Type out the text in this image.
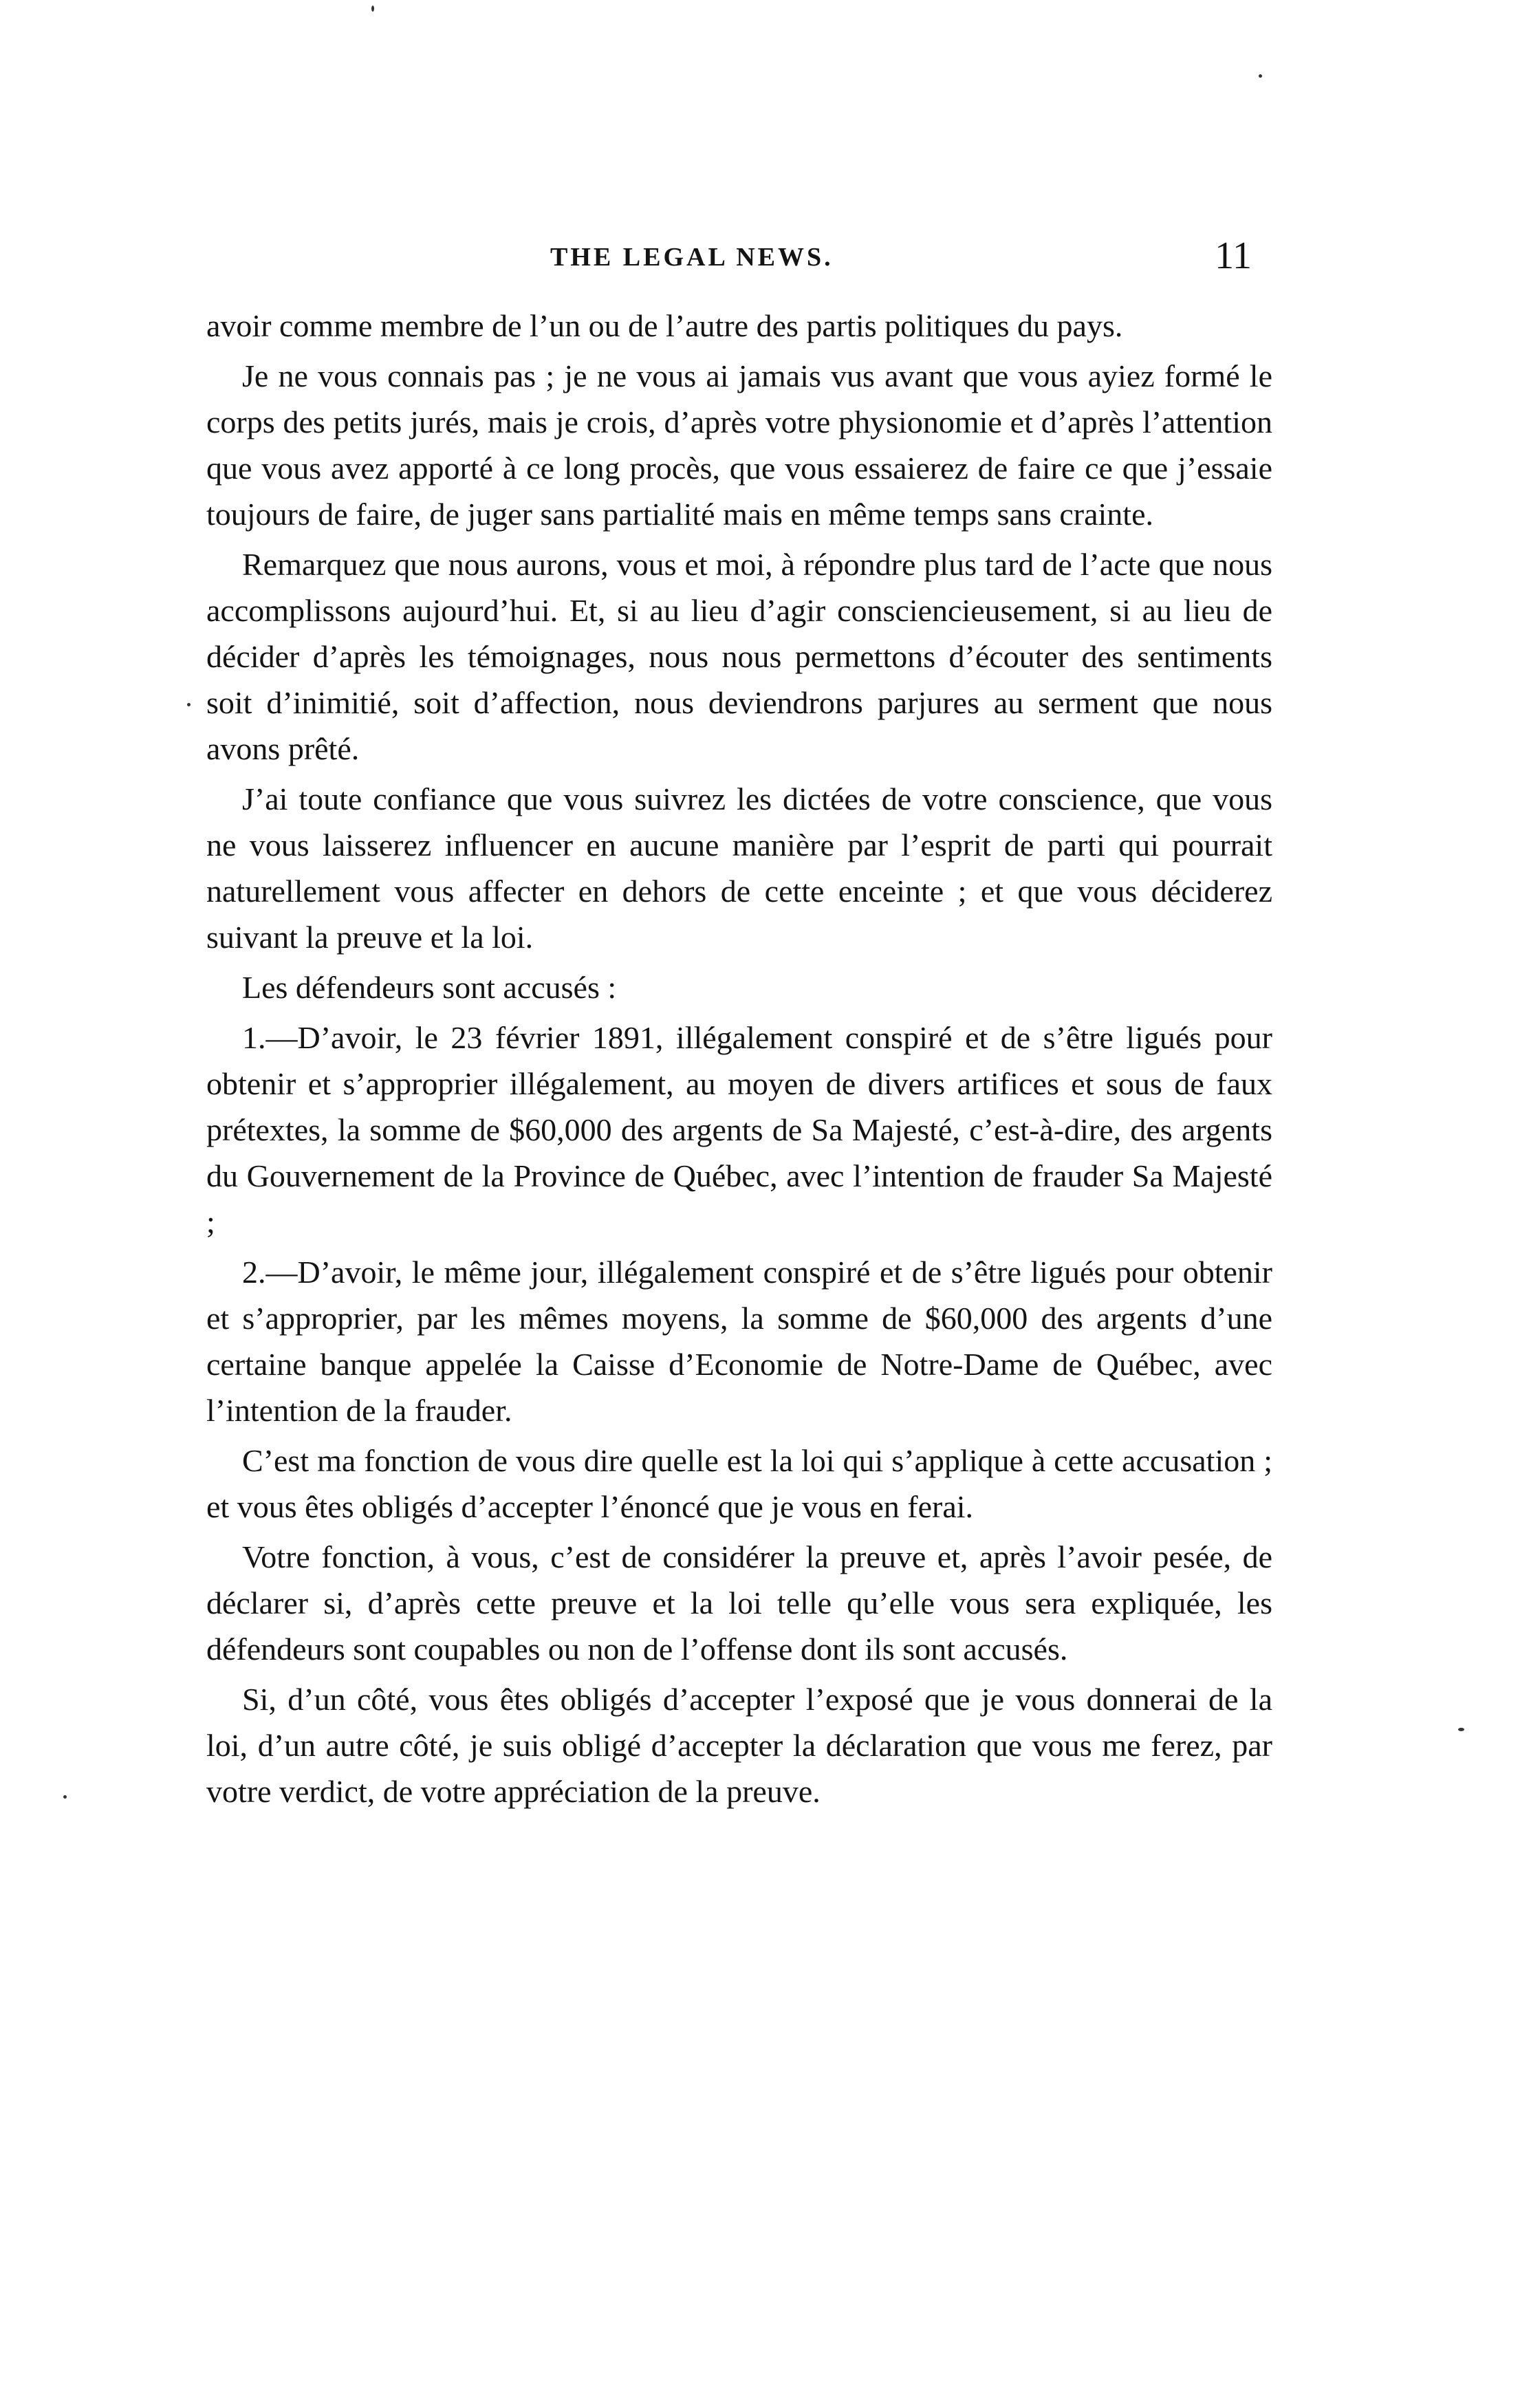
THE LEGAL NEWS.	11

avoir comme membre de l’un ou de l’autre des partis politiques du pays.

Je ne vous connais pas ; je ne vous ai jamais vus avant que vous ayiez formé le corps des petits jurés, mais je crois, d’après votre physionomie et d’après l’attention que vous avez apporté à ce long procès, que vous essaierez de faire ce que j’essaie toujours de faire, de juger sans partialité mais en même temps sans crainte.

Remarquez que nous aurons, vous et moi, à répondre plus tard de l’acte que nous accomplissons aujourd’hui. Et, si au lieu d’agir consciencieusement, si au lieu de décider d’après les témoignages, nous nous permettons d’écouter des sentiments soit d’inimitié, soit d’affection, nous deviendrons parjures au serment que nous avons prêté.

J’ai toute confiance que vous suivrez les dictées de votre conscience, que vous ne vous laisserez influencer en aucune manière par l’esprit de parti qui pourrait naturellement vous affecter en dehors de cette enceinte ; et que vous déciderez suivant la preuve et la loi.

Les défendeurs sont accusés :

1.—D’avoir, le 23 février 1891, illégalement conspiré et de s’être ligués pour obtenir et s’approprier illégalement, au moyen de divers artifices et sous de faux prétextes, la somme de $60,000 des argents de Sa Majesté, c’est-à-dire, des argents du Gouvernement de la Province de Québec, avec l’intention de frauder Sa Majesté ;

2.—D’avoir, le même jour, illégalement conspiré et de s’être ligués pour obtenir et s’approprier, par les mêmes moyens, la somme de $60,000 des argents d’une certaine banque appelée la Caisse d’Economie de Notre-Dame de Québec, avec l’intention de la frauder.

C’est ma fonction de vous dire quelle est la loi qui s’applique à cette accusation ; et vous êtes obligés d’accepter l’énoncé que je vous en ferai.

Votre fonction, à vous, c’est de considérer la preuve et, après l’avoir pesée, de déclarer si, d’après cette preuve et la loi telle qu’elle vous sera expliquée, les défendeurs sont coupables ou non de l’offense dont ils sont accusés.

Si, d’un côté, vous êtes obligés d’accepter l’exposé que je vous donnerai de la loi, d’un autre côté, je suis obligé d’accepter la déclaration que vous me ferez, par votre verdict, de votre appréciation de la preuve.
